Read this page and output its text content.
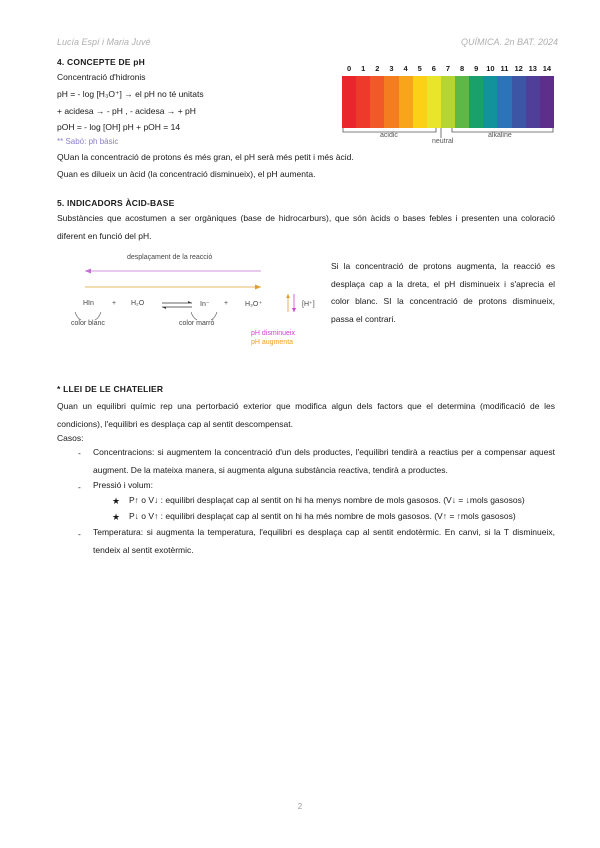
Lucía Espí i Maria Juvé	QUÍMICA. 2n BAT. 2024
4. CONCEPTE DE pH
Concentració d'hidronis
pH = - log [H₃O⁺] → el pH no té unitats
+ acidesa → - pH , - acidesa → + pH
pOH = - log [OH] pH + pOH = 14
** Sabó: ph bàsic
QUan la concentració de protons és més gran, el pH serà més petit i més àcid.
Quan es dilueix un àcid (la concentració disminueix), el pH aumenta.
0	1	2	3	4	5	6	7	8	9	10 11 12 13 14
acidic
neutral
alkaline
5. INDICADORS ÀCID-BASE
Substàncies que acostumen a ser orgàniques (base de hidrocarburs), que són àcids o bases febles i presenten una coloració diferent en funció del pH.
desplaçament de la reacció
HIn	+ H₂O ⇌ In⁻ + H₃O⁺	[H⁺]
color blanc	color marró
pH disminueix
pH augmenta
Si la concentració de protons augmenta, la reacció es desplaça cap a la dreta, el pH disminueix i s'aprecia el color blanc. SI la concentració de protons disminueix, passa el contrari.
* LLEI DE LE CHATELIER
Quan un equilibri químic rep una pertorbació exterior que modifica algun dels factors que el determina (modificació de les condicions), l'equilibri es desplaça cap al sentit descompensat.
Casos:
- Concentracions: si augmentem la concentració d'un dels productes, l'equilibri tendirà a reactius per a compensar aquest augment. De la mateixa manera, si augmenta alguna substància reactiva, tendirà a productes.
- Pressió i volum:
★ P↑ o V↓ : equilibri desplaçat cap al sentit on hi ha menys nombre de mols gasosos. (V↓ = ↓mols gasosos)
★ P↓ o V↑ : equilibri desplaçat cap al sentit on hi ha més nombre de mols gasosos. (V↑ = ↑mols gasosos)
- Temperatura: si augmenta la temperatura, l'equilibri es desplaça cap al sentit endotèrmic. En canvi, si la T disminueix, tendeix al sentit exotèrmic.
2
